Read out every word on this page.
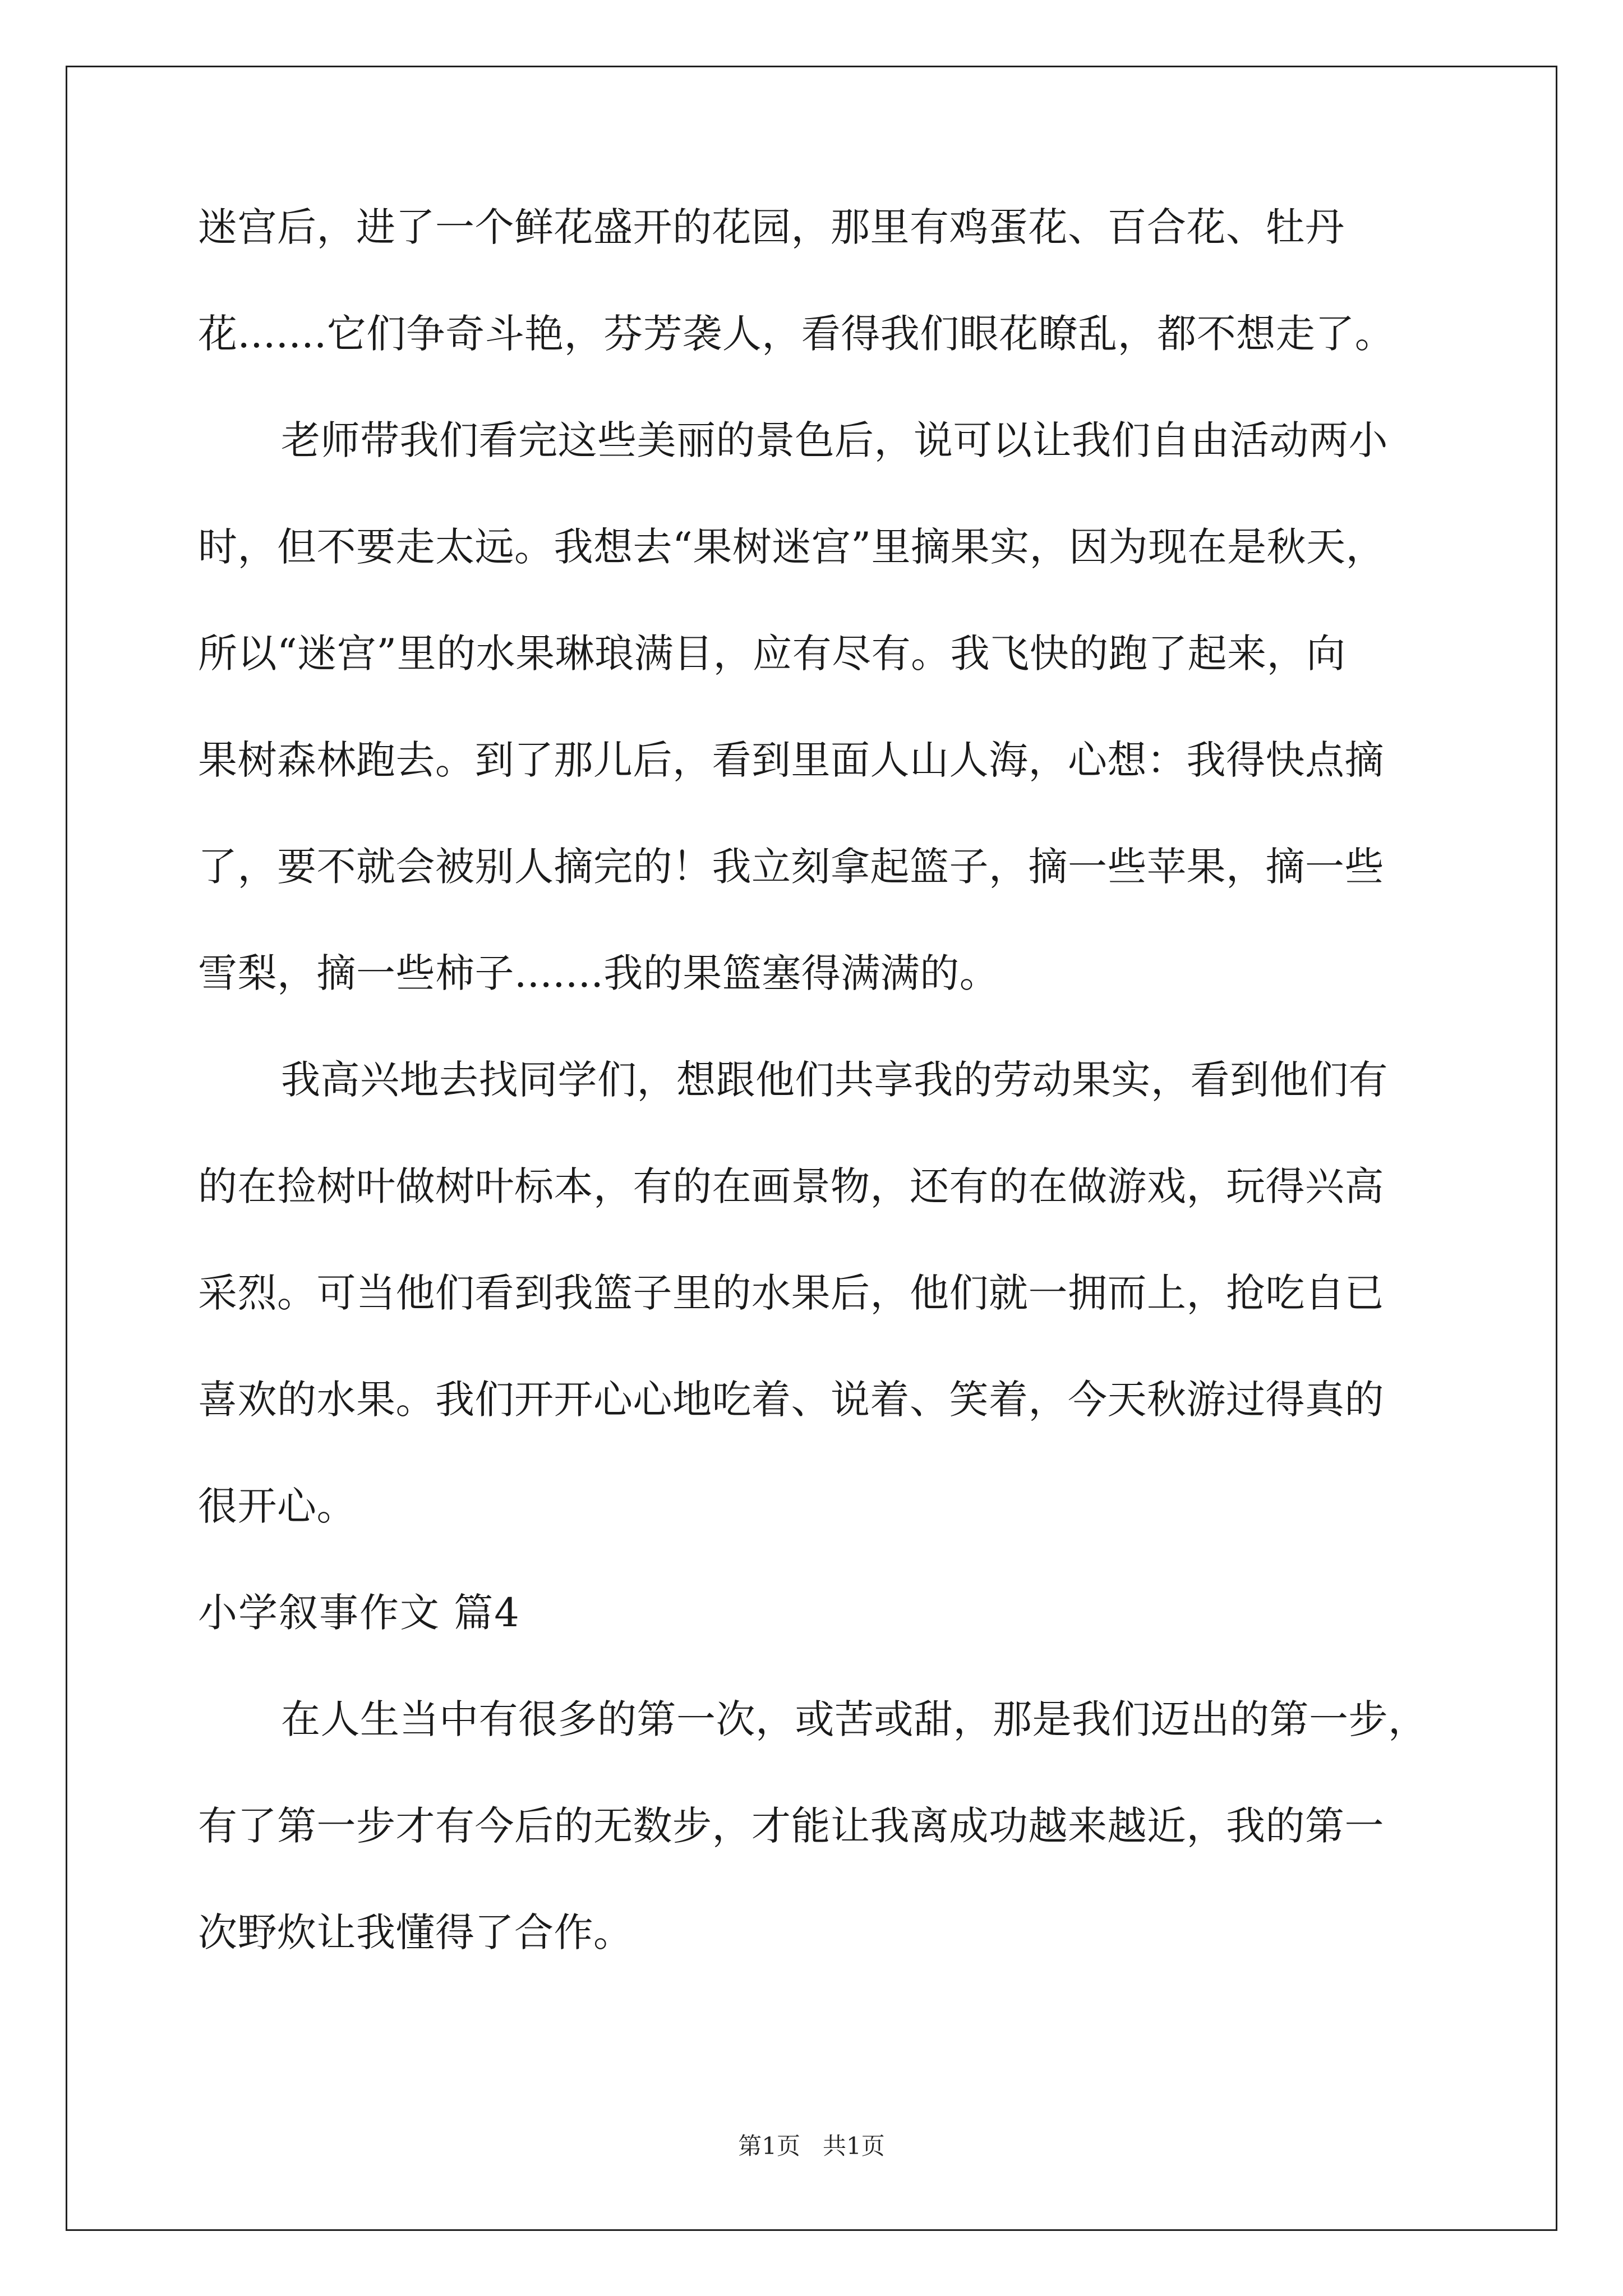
迷宫后，进了一个鲜花盛开的花园，那里有鸡蛋花、百合花、牡丹
花.......它们争奇斗艳，芬芳袭人，看得我们眼花瞭乱，都不想走了。
老师带我们看完这些美丽的景色后，说可以让我们自由活动两小
时，但不要走太远。我想去“果树迷宫”里摘果实，因为现在是秋天，
所以“迷宫”里的水果琳琅满目，应有尽有。我飞快的跑了起来，向
果树森林跑去。到了那儿后，看到里面人山人海，心想：我得快点摘
了，要不就会被别人摘完的！我立刻拿起篮子，摘一些苹果，摘一些
雪梨，摘一些柿子.......我的果篮塞得满满的。
我高兴地去找同学们，想跟他们共享我的劳动果实，看到他们有
的在捡树叶做树叶标本，有的在画景物，还有的在做游戏，玩得兴高
采烈。可当他们看到我篮子里的水果后，他们就一拥而上，抢吃自已
喜欢的水果。我们开开心心地吃着、说着、笑着，今天秋游过得真的
很开心。
小学叙事作文 篇4
在人生当中有很多的第一次，或苦或甜，那是我们迈出的第一步，
有了第一步才有今后的无数步，才能让我离成功越来越近，我的第一
次野炊让我懂得了合作。
第1页   共1页
